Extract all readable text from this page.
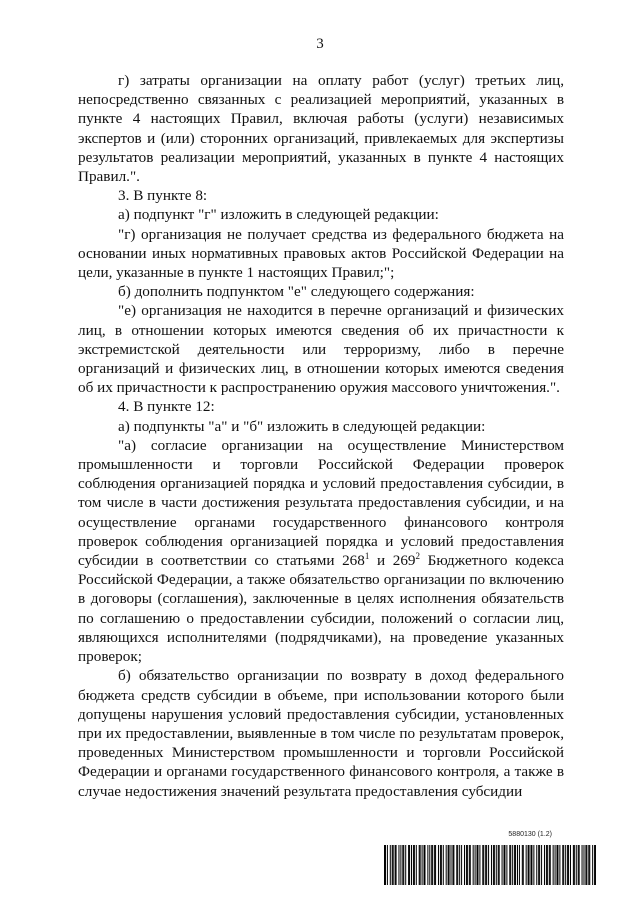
3

г) затраты организации на оплату работ (услуг) третьих лиц, непосредственно связанных с реализацией мероприятий, указанных в пункте 4 настоящих Правил, включая работы (услуги) независимых экспертов и (или) сторонних организаций, привлекаемых для экспертизы результатов реализации мероприятий, указанных в пункте 4 настоящих Правил.".

3. В пункте 8:

а) подпункт "г" изложить в следующей редакции:

"г) организация не получает средства из федерального бюджета на основании иных нормативных правовых актов Российской Федерации на цели, указанные в пункте 1 настоящих Правил;";

б) дополнить подпунктом "е" следующего содержания:

"е) организация не находится в перечне организаций и физических лиц, в отношении которых имеются сведения об их причастности к экстремистской деятельности или терроризму, либо в перечне организаций и физических лиц, в отношении которых имеются сведения об их причастности к распространению оружия массового уничтожения.".

4. В пункте 12:

а) подпункты "а" и "б" изложить в следующей редакции:

"а) согласие организации на осуществление Министерством промышленности и торговли Российской Федерации проверок соблюдения организацией порядка и условий предоставления субсидии, в том числе в части достижения результата предоставления субсидии, и на осуществление органами государственного финансового контроля проверок соблюдения организацией порядка и условий предоставления субсидии в соответствии со статьями $268^1$ и $269^2$ Бюджетного кодекса Российской Федерации, а также обязательство организации по включению в договоры (соглашения), заключенные в целях исполнения обязательств по соглашению о предоставлении субсидии, положений о согласии лиц, являющихся исполнителями (подрядчиками), на проведение указанных проверок;

б) обязательство организации по возврату в доход федерального бюджета средств субсидии в объеме, при использовании которого были допущены нарушения условий предоставления субсидии, установленных при их предоставлении, выявленные в том числе по результатам проверок, проведенных Министерством промышленности и торговли Российской Федерации и органами государственного финансового контроля, а также в случае недостижения значений результата предоставления субсидии

5880130 (1.2)
